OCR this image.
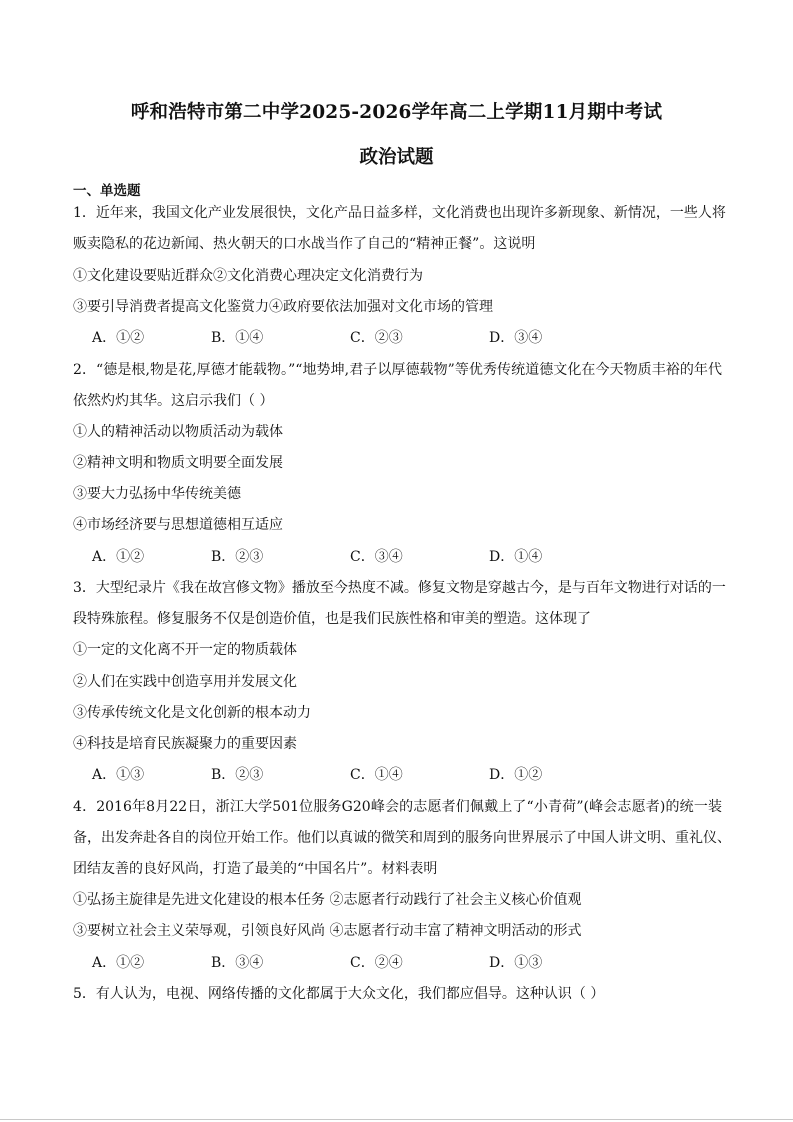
呼和浩特市第二中学2025-2026学年高二上学期11月期中考试
政治试题
一、单选题
1．近年来，我国文化产业发展很快，文化产品日益多样，文化消费也出现许多新现象、新情况，一些人将
贩卖隐私的花边新闻、热火朝天的口水战当作了自己的“精神正餐”。这说明
①文化建设要贴近群众②文化消费心理决定文化消费行为
③要引导消费者提高文化鉴赏力④政府要依法加强对文化市场的管理
A．①②	B．①④	C．②③	D．③④
2．“德是根,物是花,厚德才能载物。”“地势坤,君子以厚德载物”等优秀传统道德文化在今天物质丰裕的年代
依然灼灼其华。这启示我们（ ）
①人的精神活动以物质活动为载体
②精神文明和物质文明要全面发展
③要大力弘扬中华传统美德
④市场经济要与思想道德相互适应
A．①②	B．②③	C．③④	D．①④
3．大型纪录片《我在故宫修文物》播放至今热度不减。修复文物是穿越古今，是与百年文物进行对话的一
段特殊旅程。修复服务不仅是创造价值，也是我们民族性格和审美的塑造。这体现了
①一定的文化离不开一定的物质载体
②人们在实践中创造享用并发展文化
③传承传统文化是文化创新的根本动力
④科技是培育民族凝聚力的重要因素
A．①③	B．②③	C．①④	D．①②
4．2016年8月22日，浙江大学501位服务G20峰会的志愿者们佩戴上了“小青荷”(峰会志愿者)的统一装
备，出发奔赴各自的岗位开始工作。他们以真诚的微笑和周到的服务向世界展示了中国人讲文明、重礼仪、
团结友善的良好风尚，打造了最美的“中国名片”。材料表明
①弘扬主旋律是先进文化建设的根本任务 ②志愿者行动践行了社会主义核心价值观
③要树立社会主义荣辱观，引领良好风尚 ④志愿者行动丰富了精神文明活动的形式
A．①②	B．③④	C．②④	D．①③
5．有人认为，电视、网络传播的文化都属于大众文化，我们都应倡导。这种认识（ ）
